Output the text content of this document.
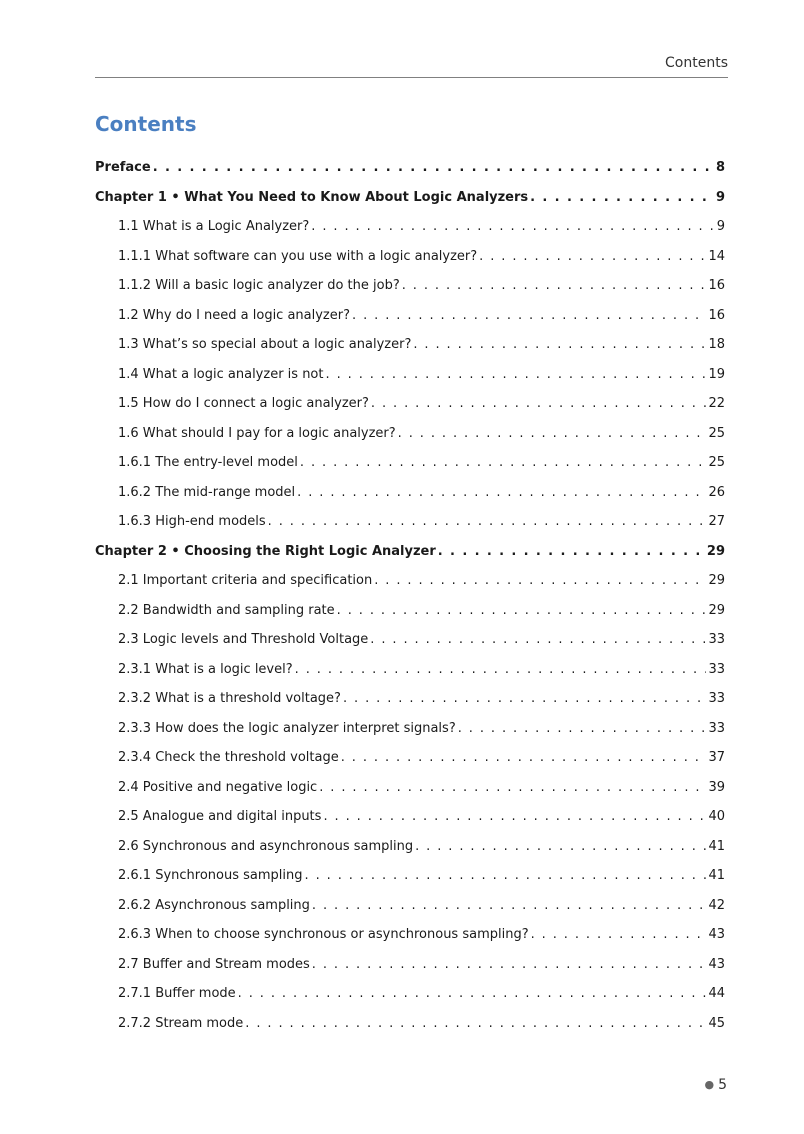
Contents
Contents
Preface . . .	8
Chapter 1 • What You Need to Know About Logic Analyzers . . .	9
1.1 What is a Logic Analyzer? . . .	9
1.1.1 What software can you use with a logic analyzer? . . .	14
1.1.2 Will a basic logic analyzer do the job? . . .	16
1.2 Why do I need a logic analyzer? . . .	16
1.3 What’s so special about a logic analyzer? . . .	18
1.4 What a logic analyzer is not . . .	19
1.5 How do I connect a logic analyzer? . . .	22
1.6 What should I pay for a logic analyzer? . . .	25
1.6.1 The entry-level model . . .	25
1.6.2 The mid-range model . . .	26
1.6.3 High-end models . . .	27
Chapter 2 • Choosing the Right Logic Analyzer . . .	29
2.1 Important criteria and specification . . .	29
2.2 Bandwidth and sampling rate . . .	29
2.3 Logic levels and Threshold Voltage . . .	33
2.3.1 What is a logic level? . . .	33
2.3.2 What is a threshold voltage? . . .	33
2.3.3 How does the logic analyzer interpret signals? . . .	33
2.3.4 Check the threshold voltage . . .	37
2.4 Positive and negative logic . . .	39
2.5 Analogue and digital inputs . . .	40
2.6 Synchronous and asynchronous sampling . . .	41
2.6.1 Synchronous sampling . . .	41
2.6.2 Asynchronous sampling . . .	42
2.6.3 When to choose synchronous or asynchronous sampling? . . .	43
2.7 Buffer and Stream modes . . .	43
2.7.1 Buffer mode . . .	44
2.7.2 Stream mode . . .	45
● 5
